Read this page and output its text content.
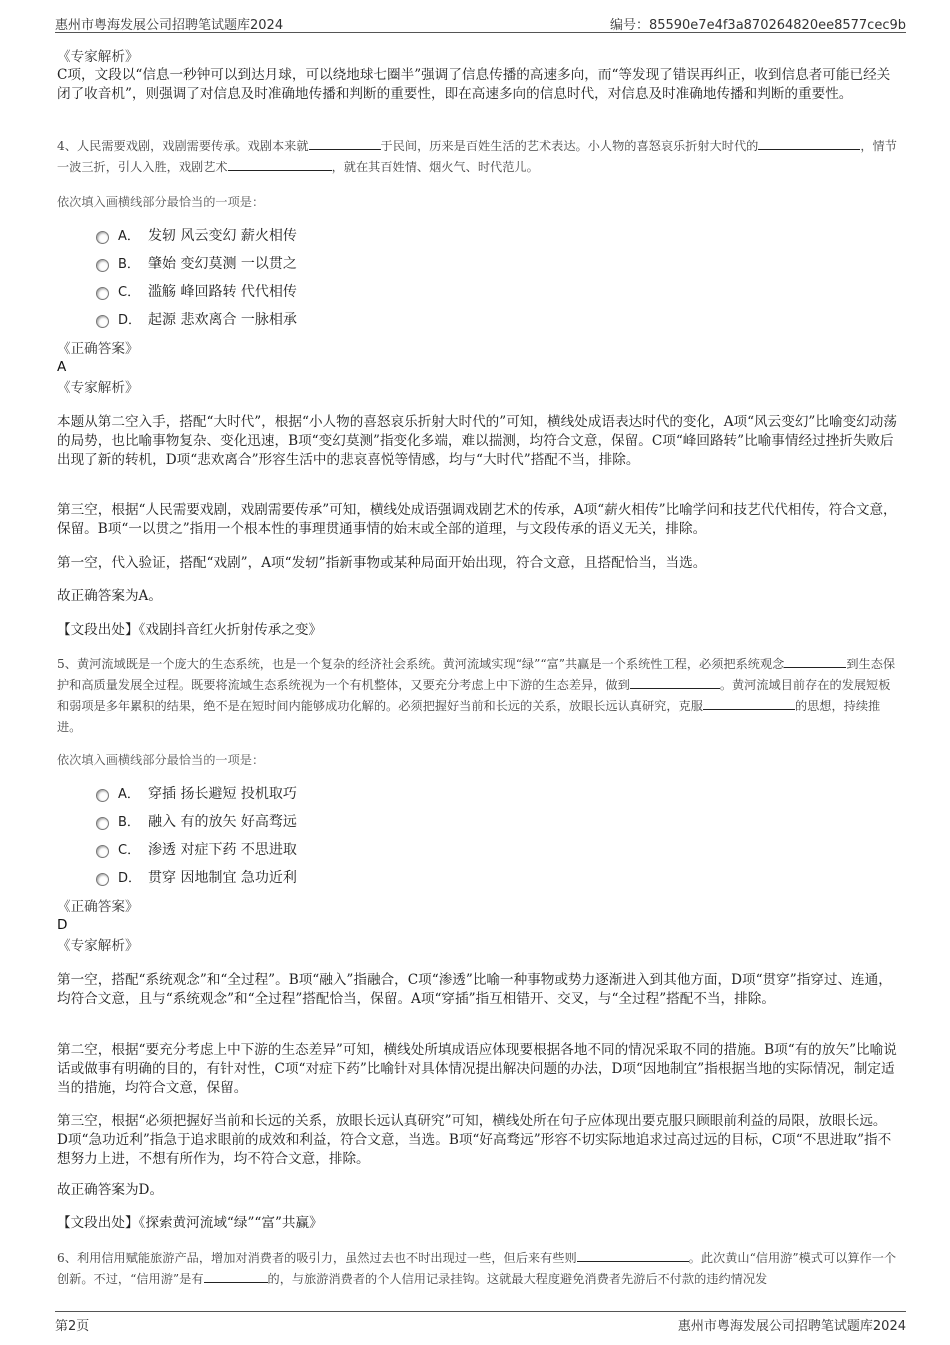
惠州市粤海发展公司招聘笔试题库2024	编号：85590e7e4f3a870264820ee8577cec9b
《专家解析》
C项，文段以“信息一秒钟可以到达月球，可以绕地球七圈半”强调了信息传播的高速多向，而“等发现了错误再纠正，收到信息者可能已经关闭了收音机”，则强调了对信息及时准确地传播和判断的重要性，即在高速多向的信息时代，对信息及时准确地传播和判断的重要性。
4、人民需要戏剧，戏剧需要传承。戏剧本来就	于民间，历来是百姓生活的艺术表达。小人物的喜怒哀乐折射大时代的	，情节一波三折，引人入胜，戏剧艺术	，就在其百姓情、烟火气、时代范儿。
依次填入画横线部分最恰当的一项是：
A． 发轫 风云变幻 薪火相传
B． 肇始 变幻莫测 一以贯之
C． 滥觞 峰回路转 代代相传
D． 起源 悲欢离合 一脉相承
《正确答案》
A
《专家解析》
本题从第二空入手，搭配“大时代”，根据“小人物的喜怒哀乐折射大时代的”可知，横线处成语表达时代的变化，A项“风云变幻”比喻变幻动荡的局势，也比喻事物复杂、变化迅速，B项“变幻莫测”指变化多端，难以揣测，均符合文意，保留。C项“峰回路转”比喻事情经过挫折失败后出现了新的转机，D项“悲欢离合”形容生活中的悲哀喜悦等情感，均与“大时代”搭配不当，排除。
第三空，根据“人民需要戏剧，戏剧需要传承”可知，横线处成语强调戏剧艺术的传承，A项“薪火相传”比喻学问和技艺代代相传，符合文意，保留。B项“一以贯之”指用一个根本性的事理贯通事情的始末或全部的道理，与文段传承的语义无关，排除。
第一空，代入验证，搭配“戏剧”，A项“发轫”指新事物或某种局面开始出现，符合文意，且搭配恰当，当选。
故正确答案为A。
【文段出处】《戏剧抖音红火折射传承之变》
5、黄河流域既是一个庞大的生态系统，也是一个复杂的经济社会系统。黄河流域实现“绿”“富”共赢是一个系统性工程，必须把系统观念	到生态保护和高质量发展全过程。既要将流域生态系统视为一个有机整体，又要充分考虑上中下游的生态差异，做到	。黄河流域目前存在的发展短板和弱项是多年累积的结果，绝不是在短时间内能够成功化解的。必须把握好当前和长远的关系，放眼长远认真研究，克服	的思想，持续推进。
依次填入画横线部分最恰当的一项是：
A． 穿插 扬长避短 投机取巧
B． 融入 有的放矢 好高骛远
C． 渗透 对症下药 不思进取
D． 贯穿 因地制宜 急功近利
《正确答案》
D
《专家解析》
第一空，搭配“系统观念”和“全过程”。B项“融入”指融合，C项“渗透”比喻一种事物或势力逐渐进入到其他方面，D项“贯穿”指穿过、连通，均符合文意，且与“系统观念”和“全过程”搭配恰当，保留。A项“穿插”指互相错开、交叉，与“全过程”搭配不当，排除。
第二空，根据“要充分考虑上中下游的生态差异”可知，横线处所填成语应体现要根据各地不同的情况采取不同的措施。B项“有的放矢”比喻说话或做事有明确的目的，有针对性，C项“对症下药”比喻针对具体情况提出解决问题的办法，D项“因地制宜”指根据当地的实际情况，制定适当的措施，均符合文意，保留。
第三空，根据“必须把握好当前和长远的关系，放眼长远认真研究”可知，横线处所在句子应体现出要克服只顾眼前利益的局限，放眼长远。D项“急功近利”指急于追求眼前的成效和利益，符合文意，当选。B项“好高骛远”形容不切实际地追求过高过远的目标，C项“不思进取”指不想努力上进，不想有所作为，均不符合文意，排除。
故正确答案为D。
【文段出处】《探索黄河流域“绿”“富”共赢》
6、利用信用赋能旅游产品，增加对消费者的吸引力，虽然过去也不时出现过一些，但后来有些则	。此次黄山“信用游”模式可以算作一个创新。不过，“信用游”是有	的，与旅游消费者的个人信用记录挂钩。这就最大程度避免消费者先游后不付款的违约情况发
第2页	惠州市粤海发展公司招聘笔试题库2024
